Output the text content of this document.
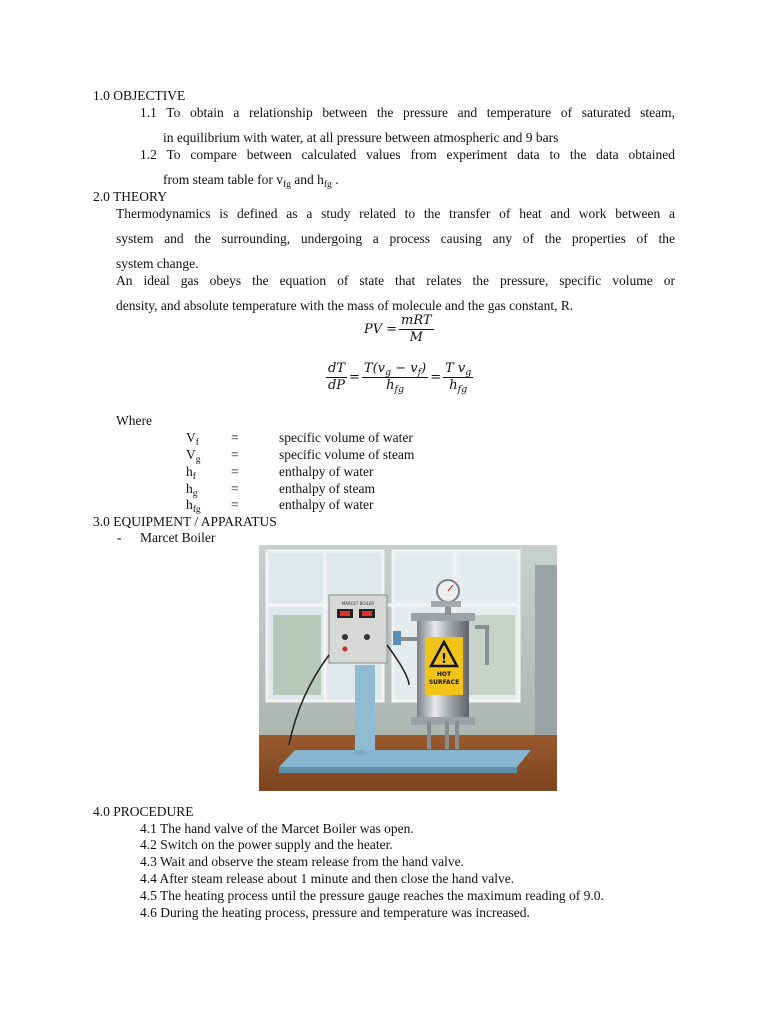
1.0 OBJECTIVE
1.1 To obtain a relationship between the pressure and temperature of saturated steam,
in equilibrium with water, at all pressure between atmospheric and 9 bars
1.2 To compare between calculated values from experiment data to the data obtained
from steam table for $v_{fg}$ and $h_{fg}$ .
2.0 THEORY
Thermodynamics is defined as a study related to the transfer of heat and work between a
system and the surrounding, undergoing a process causing any of the properties of the
system change.
An ideal gas obeys the equation of state that relates the pressure, specific volume or
density, and absolute temperature with the mass of molecule and the gas constant, R.
PV = $\frac{\text{mRT}}{M}$
$\frac{dT}{dP} = \frac{T(v_g - v_f)}{h_{fg}} = \frac{T v_g}{h_{fg}}$
Where
$V_f$ =	specific volume of water
$V_g$ =	specific volume of steam
$h_f$	=	enthalpy of water
$h_g$ =	enthalpy of steam
$h_{fg}$ =	enthalpy of water
3.0 EQUIPMENT / APPARATUS
- Marcet Boiler
MARCET BOILER
!
HOT
SURFACE
4.0 PROCEDURE
4.1 The hand valve of the Marcet Boiler was open.
4.2 Switch on the power supply and the heater.
4.3 Wait and observe the steam release from the hand valve.
4.4 After steam release about 1 minute and then close the hand valve.
4.5 The heating process until the pressure gauge reaches the maximum reading of 9.0.
4.6 During the heating process, pressure and temperature was increased.
